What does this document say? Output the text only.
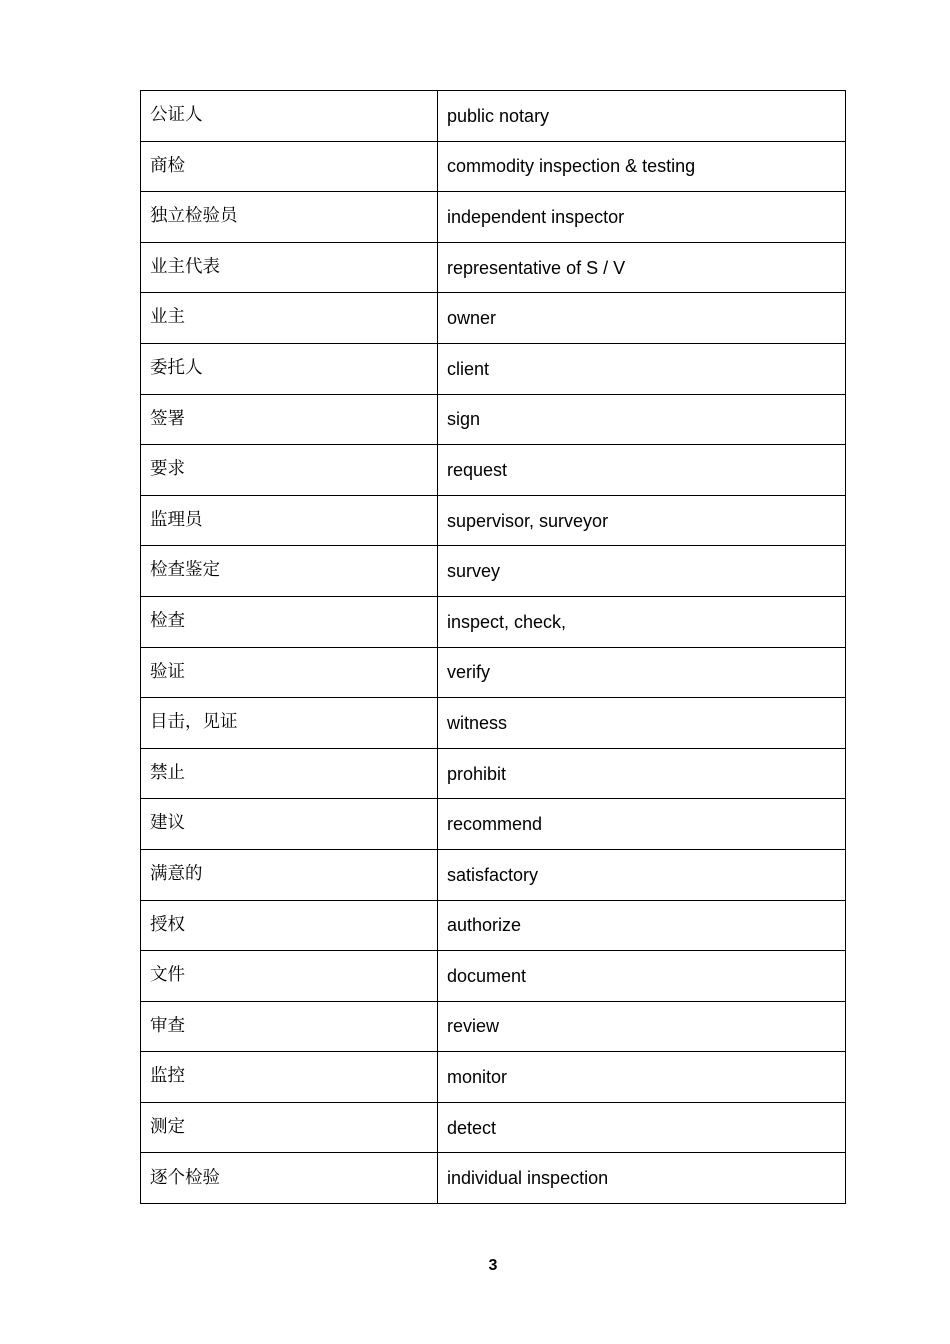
公证人	public notary
商检	commodity inspection & testing
独立检验员	independent inspector
业主代表	representative of S / V
业主	owner
委托人	client
签署	sign
要求	request
监理员	supervisor, surveyor
检查鉴定	survey
检查	inspect, check,
验证	verify
目击，见证	witness
禁止	prohibit
建议	recommend
满意的	satisfactory
授权	authorize
文件	document
审查	review
监控	monitor
测定	detect
逐个检验	individual inspection
3
